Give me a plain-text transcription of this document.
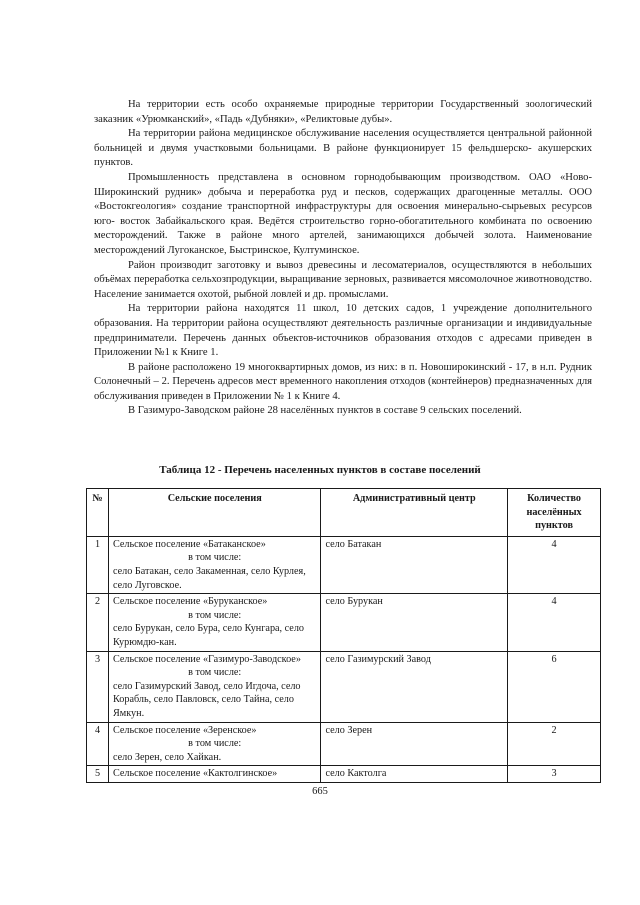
На территории есть особо охраняемые природные территории Государственный зоологический заказник «Урюмканский», «Падь «Дубняки», «Реликтовые дубы».

На территории района медицинское обслуживание населения осуществляется центральной районной больницей и двумя участковыми больницами. В районе функционирует 15 фельдшерско- акушерских пунктов.

Промышленность представлена в основном горнодобывающим производством. ОАО «Ново-Широкинский рудник» добыча и переработка руд и песков, содержащих драгоценные металлы. ООО «Востокгеология» создание транспортной инфраструктуры для освоения минерально-сырьевых ресурсов юго- восток Забайкальского края. Ведётся строительство горно-обогатительного комбината по освоению месторождений. Также в районе много артелей, занимающихся добычей золота. Наименование месторождений Лугоканское, Быстринское, Култуминское.

Район производит заготовку и вывоз древесины и лесоматериалов, осуществляются в небольших объёмах переработка сельхозпродукции, выращивание зерновых, развивается мясомолочное животноводство. Население занимается охотой, рыбной ловлей и др. промыслами.

На территории района находятся 11 школ, 10 детских садов, 1 учреждение дополнительного образования. На территории района осуществляют деятельность различные организации и индивидуальные предприниматели. Перечень данных объектов-источников образования отходов с адресами приведен в Приложении №1 к Книге 1.

В районе расположено 19 многоквартирных домов, из них: в п. Новоширокинский - 17, в н.п. Рудник Солонечный – 2. Перечень адресов мест временного накопления отходов (контейнеров) предназначенных для обслуживания приведен в Приложении № 1 к Книге 4.

В Газимуро-Заводском районе 28 населённых пунктов в составе 9 сельских поселений.

Таблица 12 - Перечень населенных пунктов в составе поселений
№	Сельские поселения	Административный центр	Количество населённых пунктов
1	Сельское поселение «Батаканское»
в том числе:
село Батакан, село Закаменная, село Курлея, село Луговское.	село Батакан	4
2	Сельское поселение «Буруканское»
в том числе:
село Бурукан, село Бура, село Кунгара, село Курюмдю-кан.	село Бурукан	4
3	Сельское поселение «Газимуро-Заводское»
в том числе:
село Газимурский Завод, село Игдоча, село Корабль, село Павловск, село Тайна, село Ямкун.	село Газимурский Завод	6
4	Сельское поселение «Зеренское»
в том числе:
село Зерен, село Хайкан.	село Зерен	2
5	Сельское поселение «Кактолгинское»	село Кактолга	3
665
